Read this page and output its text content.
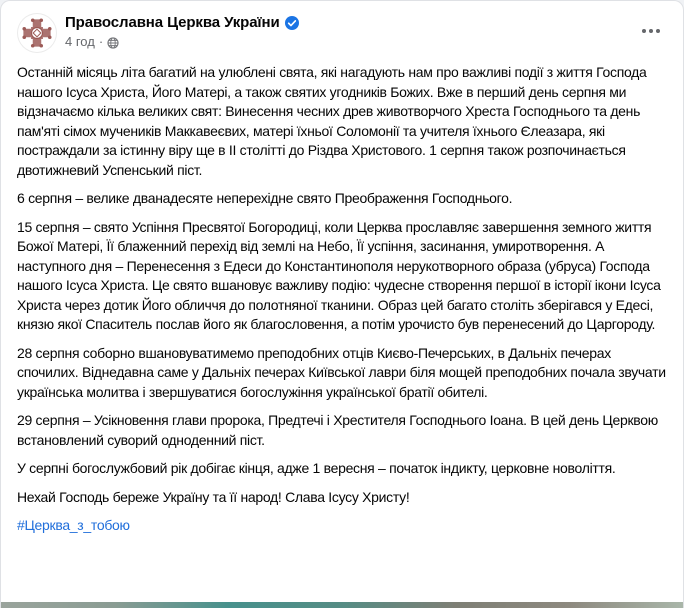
Православна Церква України
4 год ·

Останній місяць літа багатий на улюблені свята, які нагадують нам про важливі події з життя Господа нашого Ісуса Христа, Його Матері, а також святих угодників Божих. Вже в перший день серпня ми відзначаємо кілька великих свят: Винесення чесних древ животворчого Хреста Господнього та день пам'яті сімох мучеників Маккавеєвих, матері їхньої Соломонії та учителя їхнього Єлеазара, які постраждали за істинну віру ще в ІІ столітті до Різдва Христового. 1 серпня також розпочинається двотижневий Успенський піст.

6 серпня – велике дванадесяте неперехідне свято Преображення Господнього.

15 серпня – свято Успіння Пресвятої Богородиці, коли Церква прославляє завершення земного життя Божої Матері, Її блаженний перехід від землі на Небо, Її успіння, засинання, умиротворення. А наступного дня – Перенесення з Едеси до Константинополя нерукотворного образа (убруса) Господа нашого Ісуса Христа. Це свято вшановує важливу подію: чудесне створення першої в історії ікони Ісуса Христа через дотик Його обличчя до полотняної тканини. Образ цей багато століть зберігався у Едесі, князю якої Спаситель послав його як благословення, а потім урочисто був перенесений до Царгороду.

28 серпня соборно вшановуватимемо преподобних отців Києво-Печерських, в Дальніх печерах спочилих. Віднедавна саме у Дальніх печерах Київської лаври біля мощей преподобних почала звучати українська молитва і звершуватися богослужіння української братії обителі.

29 серпня – Усікновення глави пророка, Предтечі і Хрестителя Господнього Іоана. В цей день Церквою встановлений суворий одноденний піст.

У серпні богослужбовий рік добігає кінця, адже 1 вересня – початок індикту, церковне новоліття.

Нехай Господь береже Україну та її народ! Слава Ісусу Христу!

#Церква_з_тобою
